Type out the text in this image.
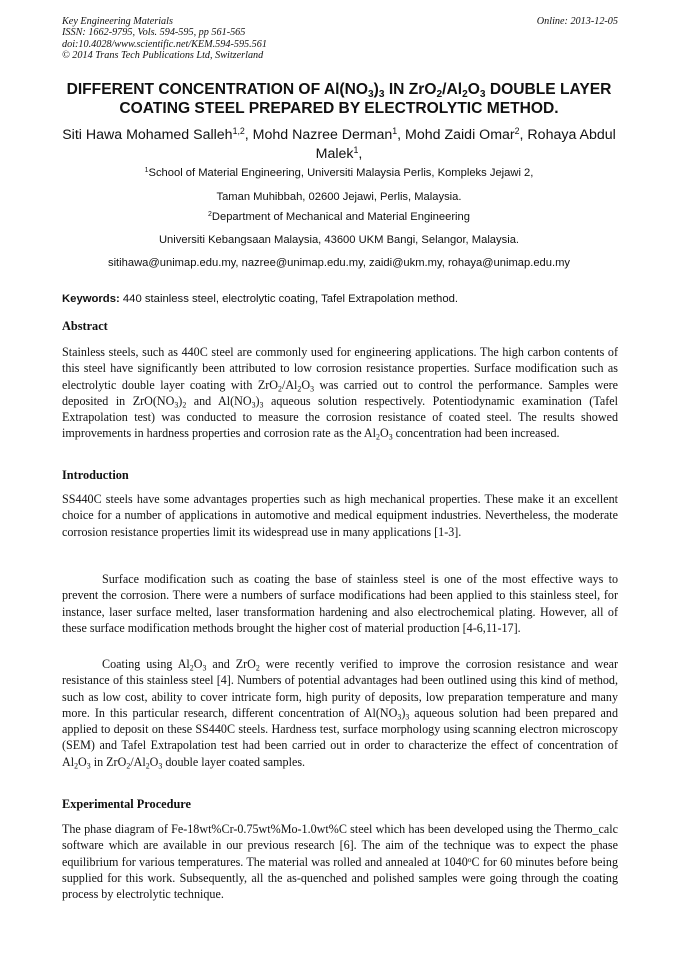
Key Engineering Materials
ISSN: 1662-9795, Vols. 594-595, pp 561-565
doi:10.4028/www.scientific.net/KEM.594-595.561
© 2014 Trans Tech Publications Ltd, Switzerland
Online: 2013-12-05
DIFFERENT CONCENTRATION OF $Al(NO_3)_3$ IN $ZrO_2/Al_2O_3$ DOUBLE LAYER COATING STEEL PREPARED BY ELECTROLYTIC METHOD.
Siti Hawa Mohamed Salleh$^{1,2}$, Mohd Nazree Derman$^1$, Mohd Zaidi Omar$^2$, Rohaya Abdul Malek$^1$,
$^1$School of Material Engineering, Universiti Malaysia Perlis, Kompleks Jejawi 2,
Taman Muhibbah, 02600 Jejawi, Perlis, Malaysia.
$^2$Department of Mechanical and Material Engineering
Universiti Kebangsaan Malaysia, 43600 UKM Bangi, Selangor, Malaysia.
sitihawa@unimap.edu.my, nazree@unimap.edu.my, zaidi@ukm.my, rohaya@unimap.edu.my
Keywords: 440 stainless steel, electrolytic coating, Tafel Extrapolation method.
Abstract
Stainless steels, such as 440C steel are commonly used for engineering applications. The high carbon contents of this steel have significantly been attributed to low corrosion resistance properties. Surface modification such as electrolytic double layer coating with $ZrO_2/Al_2O_3$ was carried out to control the performance. Samples were deposited in $ZrO(NO_3)_2$ and $Al(NO_3)_3$ aqueous solution respectively. Potentiodynamic examination (Tafel Extrapolation test) was conducted to measure the corrosion resistance of coated steel. The results showed improvements in hardness properties and corrosion rate as the $Al_2O_3$ concentration had been increased.
Introduction
SS440C steels have some advantages properties such as high mechanical properties. These make it an excellent choice for a number of applications in automotive and medical equipment industries. Nevertheless, the moderate corrosion resistance properties limit its widespread use in many applications [1-3].
Surface modification such as coating the base of stainless steel is one of the most effective ways to prevent the corrosion. There were a numbers of surface modifications had been applied to this stainless steel, for instance, laser surface melted, laser transformation hardening and also electrochemical plating. However, all of these surface modification methods brought the higher cost of material production [4-6,11-17].
Coating using $Al_2O_3$ and ZrO$_2$ were recently verified to improve the corrosion resistance and wear resistance of this stainless steel [4]. Numbers of potential advantages had been outlined using this kind of method, such as low cost, ability to cover intricate form, high purity of deposits, low preparation temperature and many more. In this particular research, different concentration of $Al(NO_3)_3$ aqueous solution had been prepared and applied to deposit on these SS440C steels. Hardness test, surface morphology using scanning electron microscopy (SEM) and Tafel Extrapolation test had been carried out in order to characterize the effect of concentration of $Al_2O_3$ in $ZrO_2/Al_2O_3$ double layer coated samples.
Experimental Procedure
The phase diagram of Fe-18wt%Cr-0.75wt%Mo-1.0wt%C steel which has been developed using the Thermo_calc software which are available in our previous research [6]. The aim of the technique was to expect the phase equilibrium for various temperatures. The material was rolled and annealed at 1040$^o$C for 60 minutes before being supplied for this work. Subsequently, all the as-quenched and polished samples were going through the coating process by electrolytic technique.
